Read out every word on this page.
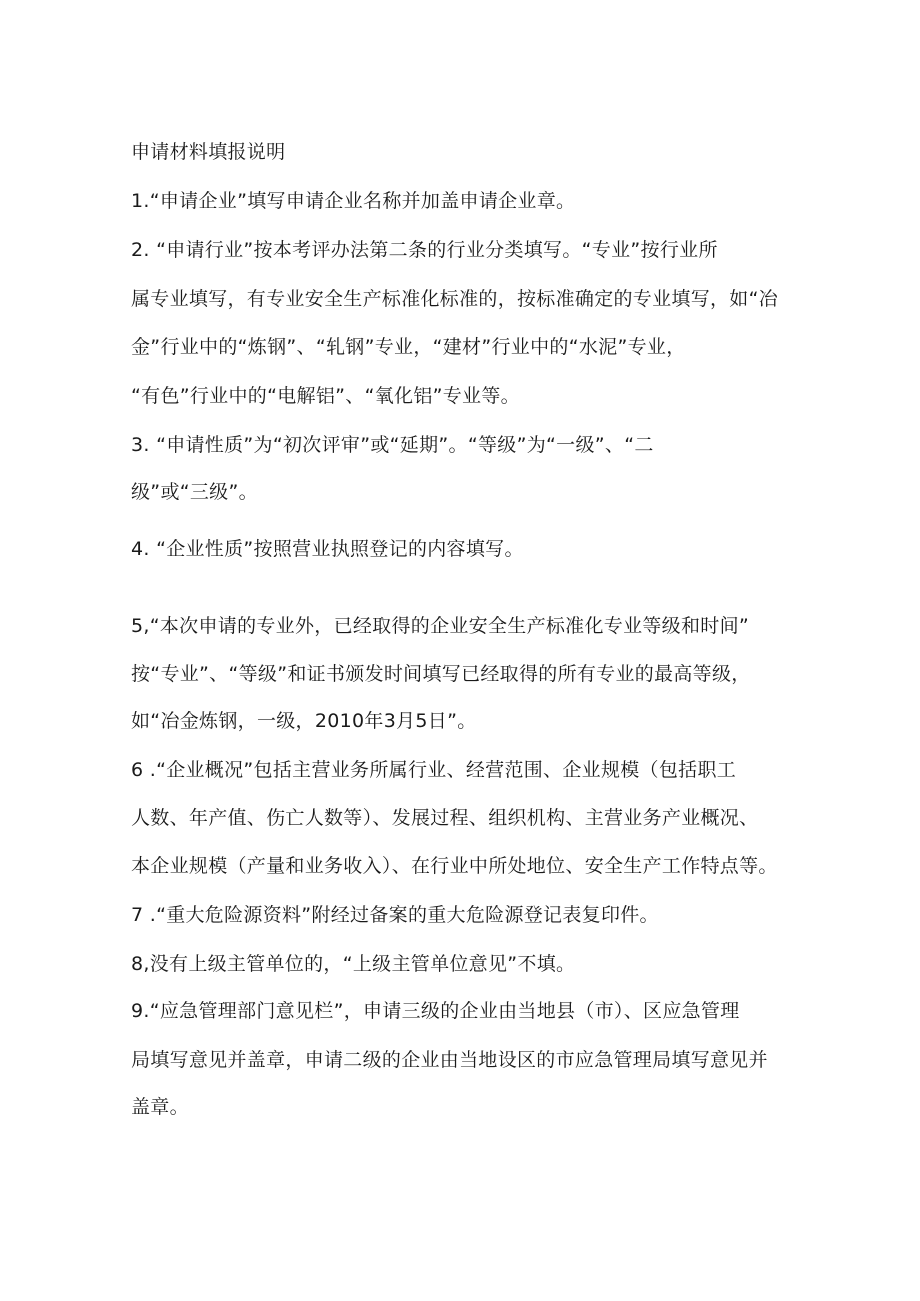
申请材料填报说明
1.“申请企业”填写申请企业名称并加盖申请企业章。
2. “申请行业”按本考评办法第二条的行业分类填写。“专业”按行业所
属专业填写，有专业安全生产标准化标准的，按标准确定的专业填写，如“冶
金”行业中的“炼钢”、“轧钢”专业，“建材”行业中的“水泥”专业，
“有色”行业中的“电解铝”、“氧化铝”专业等。
3. “申请性质”为“初次评审”或“延期”。“等级”为“一级”、“二
级”或“三级”。
4. “企业性质”按照营业执照登记的内容填写。
5,“本次申请的专业外，已经取得的企业安全生产标准化专业等级和时间”
按“专业”、“等级”和证书颁发时间填写已经取得的所有专业的最高等级，
如“冶金炼钢，一级，2010年3月5日”。
6 .“企业概况”包括主营业务所属行业、经营范围、企业规模（包括职工
人数、年产值、伤亡人数等）、发展过程、组织机构、主营业务产业概况、
本企业规模（产量和业务收入）、在行业中所处地位、安全生产工作特点等。
7 .“重大危险源资料”附经过备案的重大危险源登记表复印件。
8,没有上级主管单位的，“上级主管单位意见”不填。
9.“应急管理部门意见栏”，申请三级的企业由当地县（市）、区应急管理
局填写意见并盖章，申请二级的企业由当地设区的市应急管理局填写意见并
盖章。
